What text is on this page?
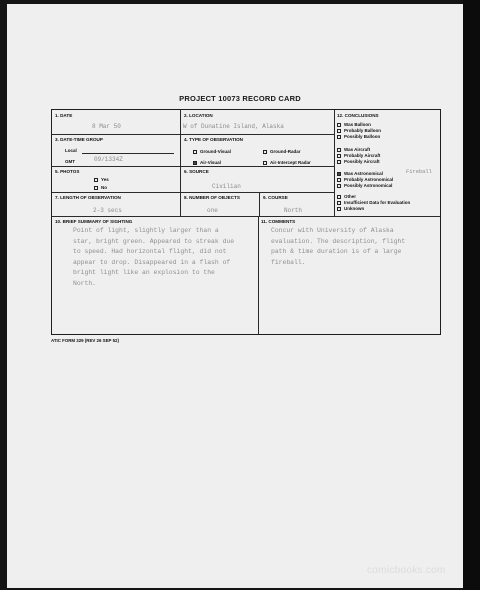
PROJECT 10073 RECORD CARD
1. DATE
8 Mar 50
2. LOCATION
W of Dunatine Island, Alaska
3. DATE-TIME GROUP
Local
GMT	09/1334Z
4. TYPE OF OBSERVATION
Ground-Visual	Ground-Radar
Air-Visual	Air-Intercept Radar
5. PHOTOS
Yes
No
6. SOURCE
Civilian
7. LENGTH OF OBSERVATION
2-3 secs
8. NUMBER OF OBJECTS
one
9. COURSE
North
12. CONCLUSIONS
Was Balloon
Probably Balloon
Possibly Balloon
Was Aircraft
Probably Aircraft
Possibly Aircraft
Was Astronomical	Fireball
Probably Astronomical
Possibly Astronomical
Other
Insufficient Data for Evaluation
Unknown
10. BRIEF SUMMARY OF SIGHTING
Point of light, slightly larger than a
star, bright green. Appeared to streak due
to speed. Had horizontal flight, did not
appear to drop. Disappeared in a flash of
bright light like an explosion to the
North.
11. COMMENTS
Concur with University of Alaska
evaluation. The description, flight
path & time duration is of a large
fireball.
ATIC FORM 329 (REV 26 SEP 52)
comicbooks.com
